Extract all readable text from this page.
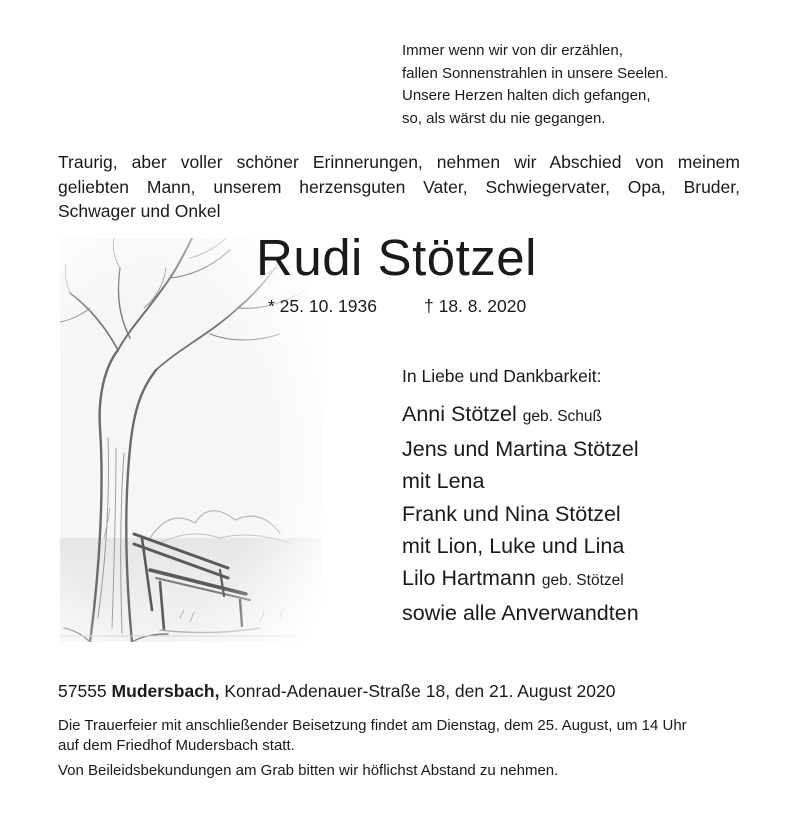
Immer wenn wir von dir erzählen,
fallen Sonnenstrahlen in unsere Seelen.
Unsere Herzen halten dich gefangen,
so, als wärst du nie gegangen.
Traurig, aber voller schöner Erinnerungen, nehmen wir Abschied von meinem
geliebten Mann, unserem herzensguten Vater, Schwiegervater, Opa, Bruder,
Schwager und Onkel
Rudi Stötzel
* 25. 10. 1936	† 18. 8. 2020
In Liebe und Dankbarkeit:
Anni Stötzel geb. Schuß
Jens und Martina Stötzel
mit Lena
Frank und Nina Stötzel
mit Lion, Luke und Lina
Lilo Hartmann geb. Stötzel
sowie alle Anverwandten
57555 Mudersbach, Konrad-Adenauer-Straße 18, den 21. August 2020
Die Trauerfeier mit anschließender Beisetzung findet am Dienstag, dem 25. August, um 14 Uhr
auf dem Friedhof Mudersbach statt.
Von Beileidsbekundungen am Grab bitten wir höflichst Abstand zu nehmen.
